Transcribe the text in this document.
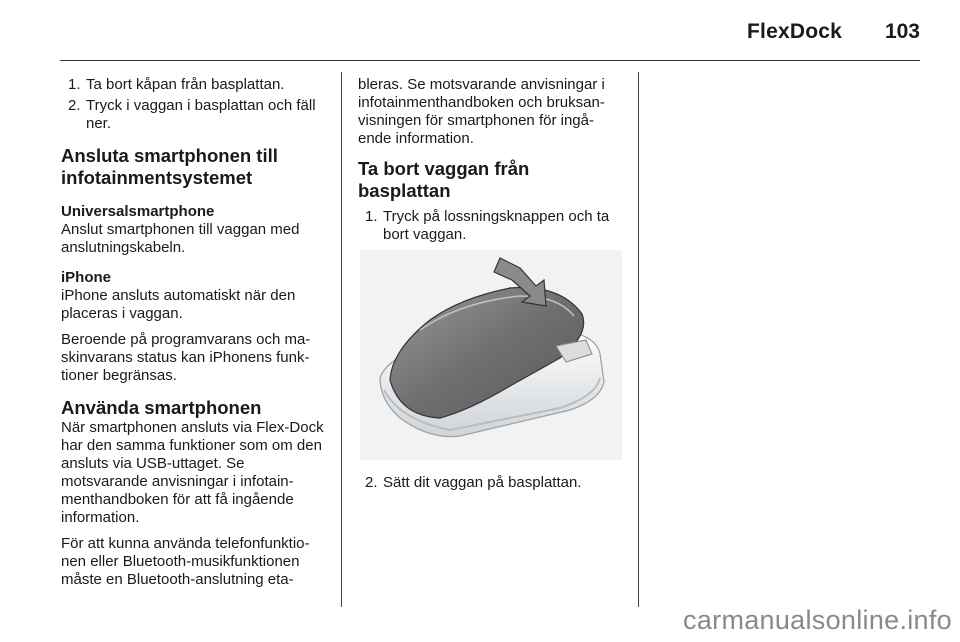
FlexDock 103
1. Ta bort kåpan från basplattan.
2. Tryck i vaggan i basplattan och fäll ner.
Ansluta smartphonen till infotainmentsystemet
Universalsmartphone

Anslut smartphonen till vaggan med anslutningskabeln.

iPhone

iPhone ansluts automatiskt när den placeras i vaggan.

Beroende på programvarans och ma-skinvarans status kan iPhonens funk-tioner begränsas.

Använda smartphonen

När smartphonen ansluts via Flex-Dock har den samma funktioner som om den ansluts via USB-uttaget. Se motsvarande anvisningar i infotain-menthandboken för att få ingående information.

För att kunna använda telefonfunktio-nen eller Bluetooth-musikfunktionen måste en Bluetooth-anslutning eta-

bleras. Se motsvarande anvisningar i infotainmenthandboken och bruksan-visningen för smartphonen för ingå-ende information.

Ta bort vaggan från basplattan
1. Tryck på lossningsknappen och ta bort vaggan.
2. Sätt dit vaggan på basplattan.
carmanualsonline.info
